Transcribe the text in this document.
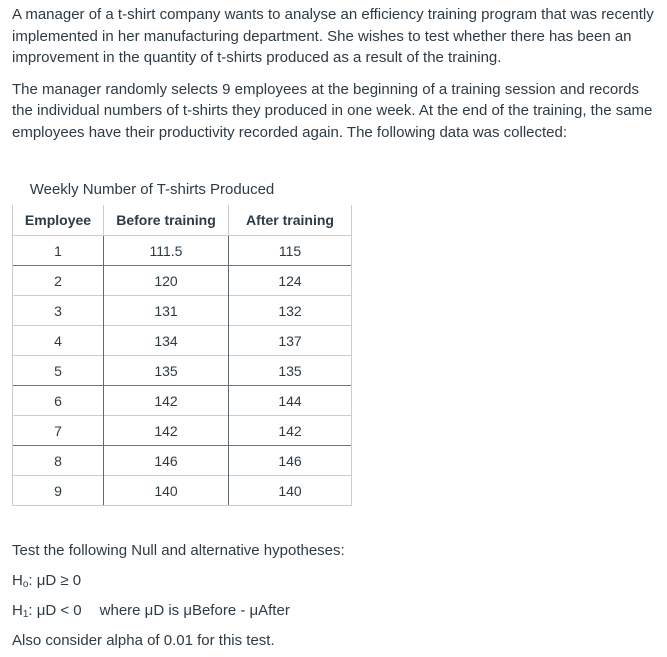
A manager of a t-shirt company wants to analyse an efficiency training program that was recently implemented in her manufacturing department. She wishes to test whether there has been an improvement in the quantity of t-shirts produced as a result of the training.

The manager randomly selects 9 employees at the beginning of a training session and records the individual numbers of t-shirts they produced in one week. At the end of the training, the same employees have their productivity recorded again. The following data was collected:

Weekly Number of T-shirts Produced
Employee	Before training	After training
1	111.5	115
2	120	124
3	131	132
4	134	137
5	135	135
6	142	144
7	142	142
8	146	146
9	140	140

Test the following Null and alternative hypotheses:

$H_o$: μD ≥ 0

$H_1$: μD < 0 where μD is μBefore - μAfter

Also consider alpha of 0.01 for this test.
